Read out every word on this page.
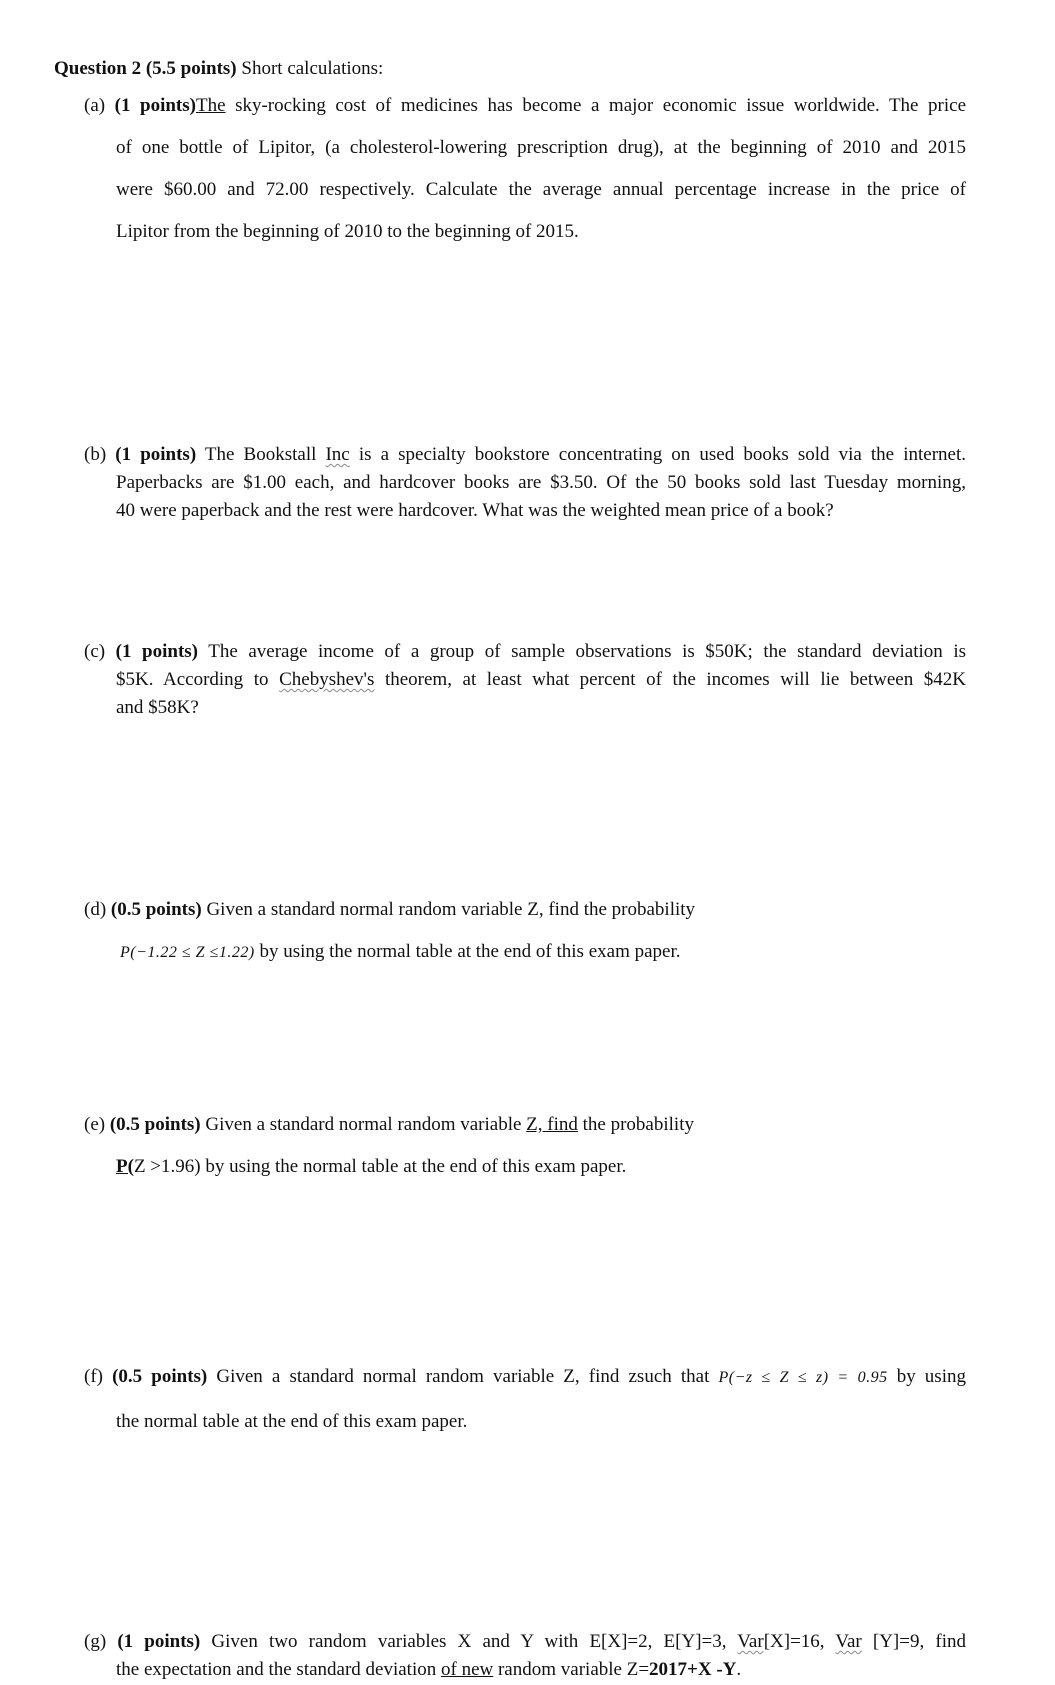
Question 2 (5.5 points) Short calculations:
(a) (1 points)The sky-rocking cost of medicines has become a major economic issue worldwide. The price
of one bottle of Lipitor, (a cholesterol-lowering prescription drug), at the beginning of 2010 and 2015
were $60.00 and 72.00 respectively. Calculate the average annual percentage increase in the price of
Lipitor from the beginning of 2010 to the beginning of 2015.
(b) (1 points) The Bookstall Inc is a specialty bookstore concentrating on used books sold via the internet.
Paperbacks are $1.00 each, and hardcover books are $3.50. Of the 50 books sold last Tuesday morning,
40 were paperback and the rest were hardcover. What was the weighted mean price of a book?
(c) (1 points) The average income of a group of sample observations is $50K; the standard deviation is
$5K. According to Chebyshev's theorem, at least what percent of the incomes will lie between $42K
and $58K?
(d) (0.5 points) Given a standard normal random variable Z, find the probability
P(−1.22 ≤ Z ≤1.22) by using the normal table at the end of this exam paper.
(e) (0.5 points) Given a standard normal random variable Z, find the probability
P(Z >1.96) by using the normal table at the end of this exam paper.
(f) (0.5 points) Given a standard normal random variable Z, find zsuch that P(−z ≤ Z ≤ z) = 0.95 by using
the normal table at the end of this exam paper.
(g) (1 points) Given two random variables X and Y with E[X]=2, E[Y]=3, Var[X]=16, Var [Y]=9, find
the expectation and the standard deviation of new random variable Z=2017+X -Y.
